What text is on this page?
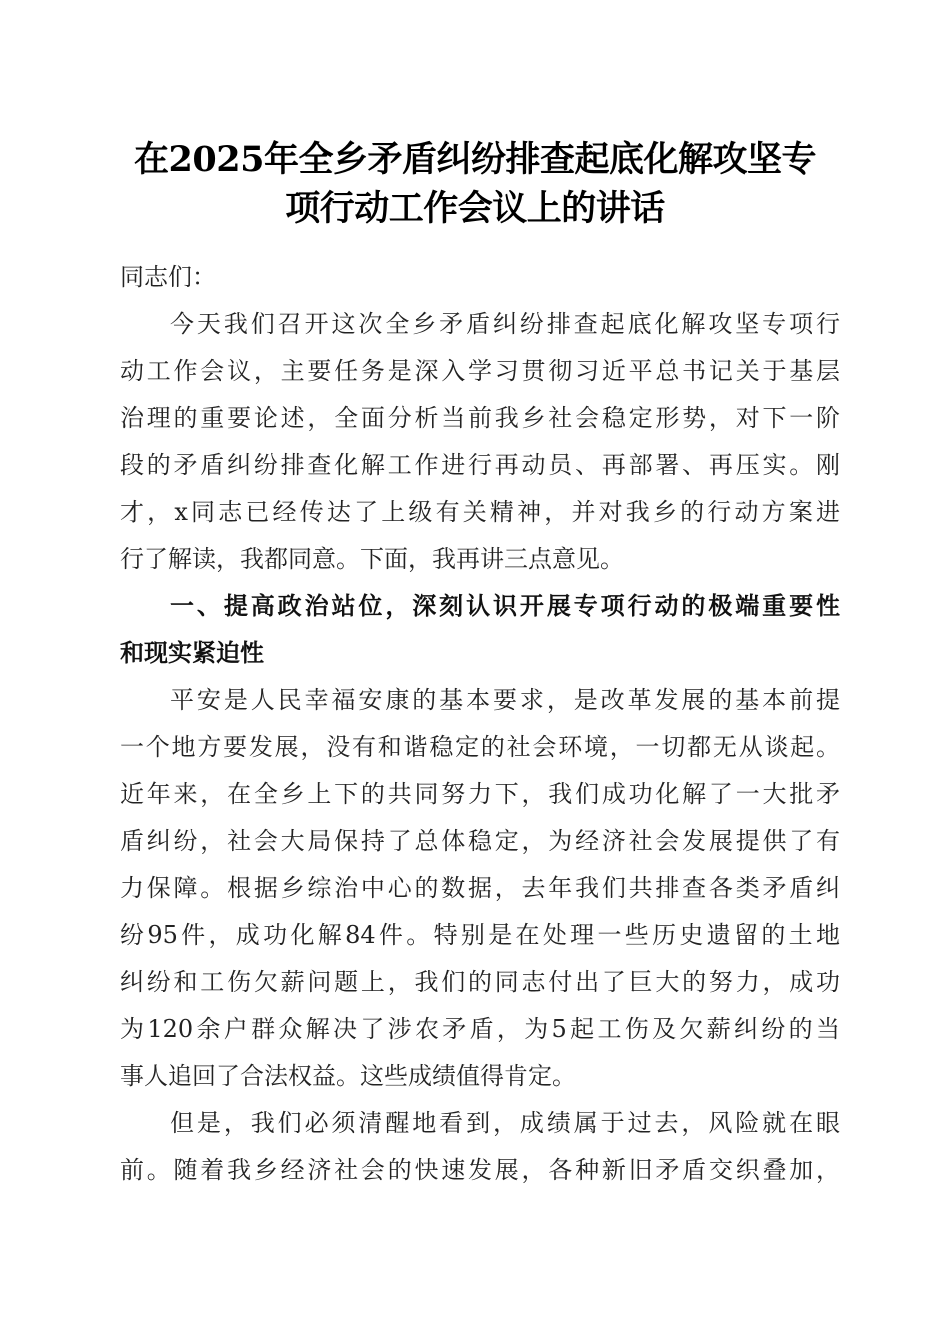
在2025年全乡矛盾纠纷排查起底化解攻坚专
项行动工作会议上的讲话
同志们：
今天我们召开这次全乡矛盾纠纷排查起底化解攻坚专项行
动工作会议，主要任务是深入学习贯彻习近平总书记关于基层
治理的重要论述，全面分析当前我乡社会稳定形势，对下一阶
段的矛盾纠纷排查化解工作进行再动员、再部署、再压实。刚
才，x同志已经传达了上级有关精神，并对我乡的行动方案进
行了解读，我都同意。下面，我再讲三点意见。
一、提高政治站位，深刻认识开展专项行动的极端重要性
和现实紧迫性
平安是人民幸福安康的基本要求，是改革发展的基本前提
一个地方要发展，没有和谐稳定的社会环境，一切都无从谈起。
近年来，在全乡上下的共同努力下，我们成功化解了一大批矛
盾纠纷，社会大局保持了总体稳定，为经济社会发展提供了有
力保障。根据乡综治中心的数据，去年我们共排查各类矛盾纠
纷95件，成功化解84件。特别是在处理一些历史遗留的土地
纠纷和工伤欠薪问题上，我们的同志付出了巨大的努力，成功
为120余户群众解决了涉农矛盾，为5起工伤及欠薪纠纷的当
事人追回了合法权益。这些成绩值得肯定。
但是，我们必须清醒地看到，成绩属于过去，风险就在眼
前。随着我乡经济社会的快速发展，各种新旧矛盾交织叠加，
